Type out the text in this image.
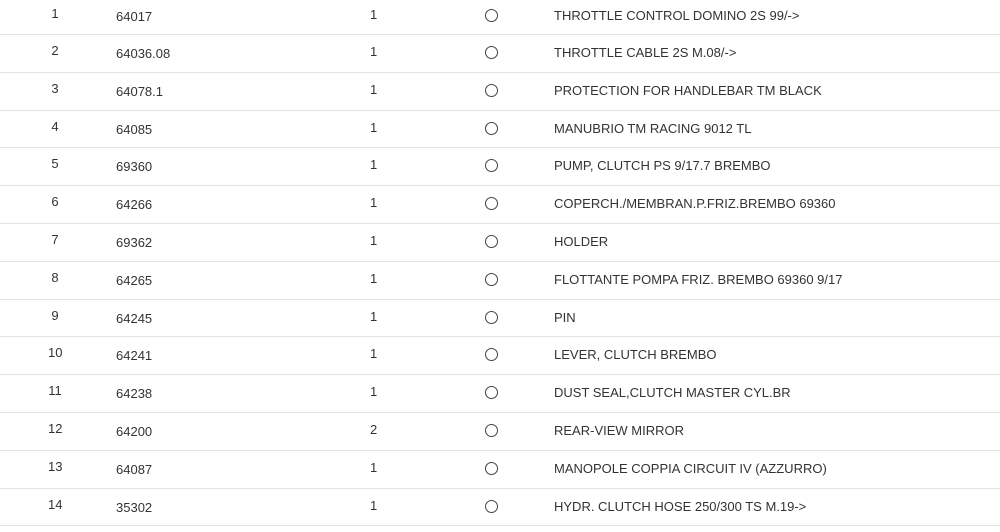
1	64017	1	THROTTLE CONTROL DOMINO 2S 99/->
2	64036.08	1	THROTTLE CABLE 2S M.08/->
3	64078.1	1	PROTECTION FOR HANDLEBAR TM BLACK
4	64085	1	MANUBRIO TM RACING 9012 TL
5	69360	1	PUMP, CLUTCH PS 9/17.7 BREMBO
6	64266	1	COPERCH./MEMBRAN.P.FRIZ.BREMBO 69360
7	69362	1	HOLDER
8	64265	1	FLOTTANTE POMPA FRIZ. BREMBO 69360 9/17
9	64245	1	PIN
10	64241	1	LEVER, CLUTCH BREMBO
11	64238	1	DUST SEAL,CLUTCH MASTER CYL.BR
12	64200	2	REAR-VIEW MIRROR
13	64087	1	MANOPOLE COPPIA CIRCUIT IV (AZZURRO)
14	35302	1	HYDR. CLUTCH HOSE 250/300 TS M.19->
